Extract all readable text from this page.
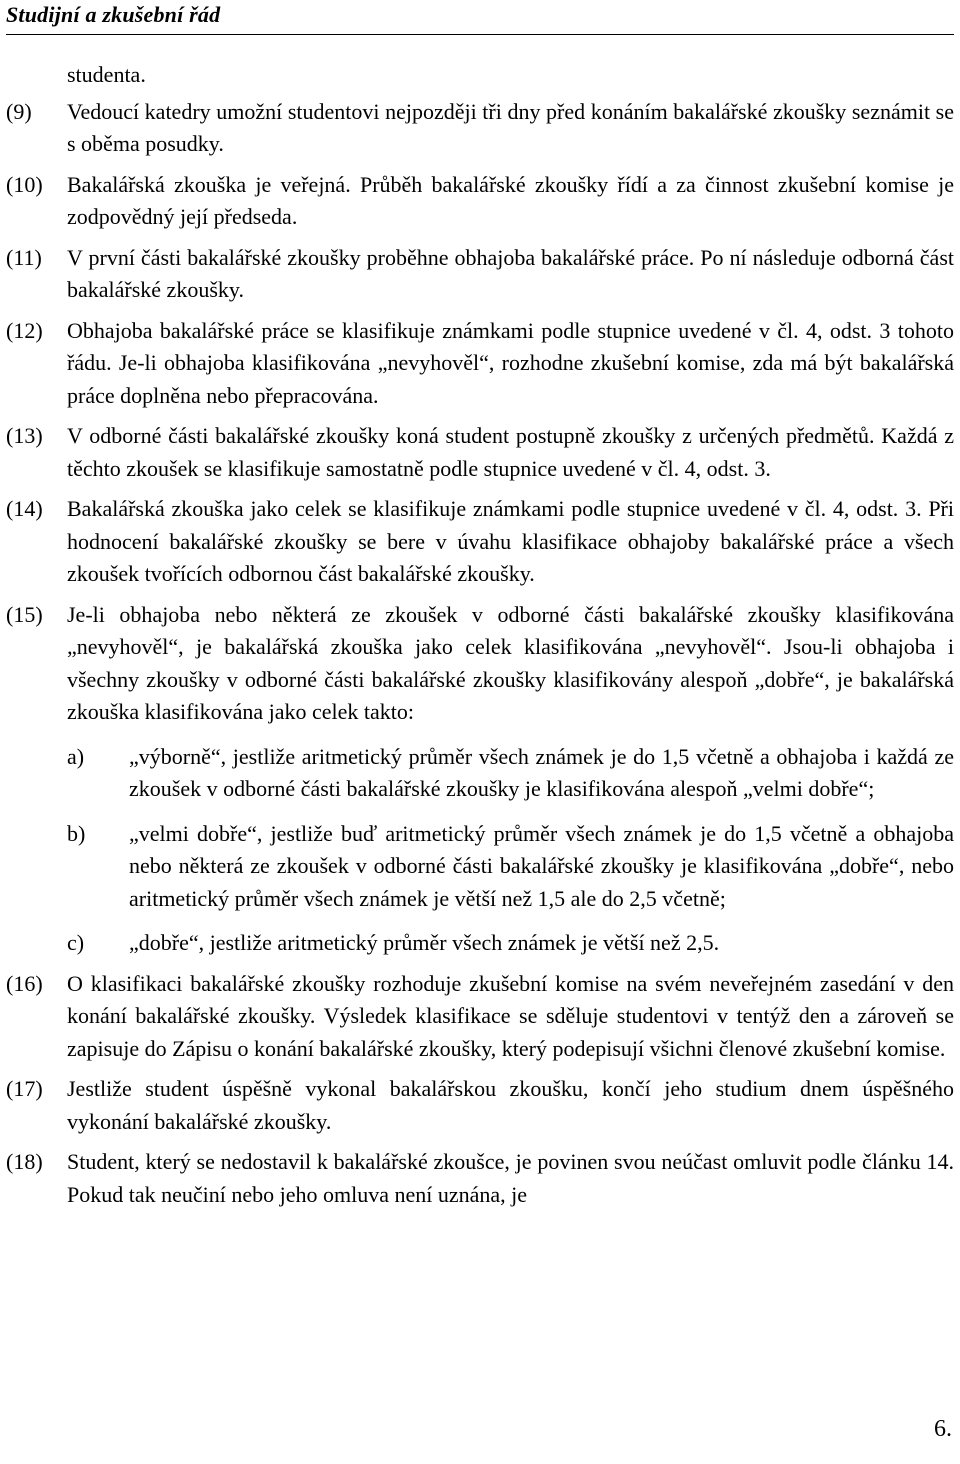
Studijní a zkušební řád
studenta.
(9)	Vedoucí katedry umožní studentovi nejpozději tři dny před konáním bakalářské zkoušky seznámit se s oběma posudky.
(10)	Bakalářská zkouška je veřejná. Průběh bakalářské zkoušky řídí a za činnost zkušební komise je zodpovědný její předseda.
(11)	V první části bakalářské zkoušky proběhne obhajoba bakalářské práce. Po ní následuje odborná část bakalářské zkoušky.
(12)	Obhajoba bakalářské práce se klasifikuje známkami podle stupnice uvedené v čl. 4, odst. 3 tohoto řádu. Je-li obhajoba klasifikována „nevyhověl“, rozhodne zkušební komise, zda má být bakalářská práce doplněna nebo přepracována.
(13)	V odborné části bakalářské zkoušky koná student postupně zkoušky z určených předmětů. Každá z těchto zkoušek se klasifikuje samostatně podle stupnice uvedené v čl. 4, odst. 3.
(14)	Bakalářská zkouška jako celek se klasifikuje známkami podle stupnice uvedené v čl. 4, odst. 3. Při hodnocení bakalářské zkoušky se bere v úvahu klasifikace obhajoby bakalářské práce a všech zkoušek tvořících odbornou část bakalářské zkoušky.
(15)	Je-li obhajoba nebo některá ze zkoušek v odborné části bakalářské zkoušky klasifikována „nevyhověl“, je bakalářská zkouška jako celek klasifikována „nevyhověl“. Jsou-li obhajoba i všechny zkoušky v odborné části bakalářské zkoušky klasifikovány alespoň „dobře“, je bakalářská zkouška klasifikována jako celek takto:
a)	„výborně“, jestliže aritmetický průměr všech známek je do 1,5 včetně a obhajoba i každá ze zkoušek v odborné části bakalářské zkoušky je klasifikována alespoň „velmi dobře“;
b)	„velmi dobře“, jestliže buď aritmetický průměr všech známek je do 1,5 včetně a obhajoba nebo některá ze zkoušek v odborné části bakalářské zkoušky je klasifikována „dobře“, nebo aritmetický průměr všech známek je větší než 1,5 ale do 2,5 včetně;
c)	„dobře“, jestliže aritmetický průměr všech známek je větší než 2,5.
(16)	O klasifikaci bakalářské zkoušky rozhoduje zkušební komise na svém neveřejném zasedání v den konání bakalářské zkoušky. Výsledek klasifikace se sděluje studentovi v tentýž den a zároveň se zapisuje do Zápisu o konání bakalářské zkoušky, který podepisují všichni členové zkušební komise.
(17)	Jestliže student úspěšně vykonal bakalářskou zkoušku, končí jeho studium dnem úspěšného vykonání bakalářské zkoušky.
(18)	Student, který se nedostavil k bakalářské zkoušce, je povinen svou neúčast omluvit podle článku 14. Pokud tak neučiní nebo jeho omluva není uznána, je
6.
